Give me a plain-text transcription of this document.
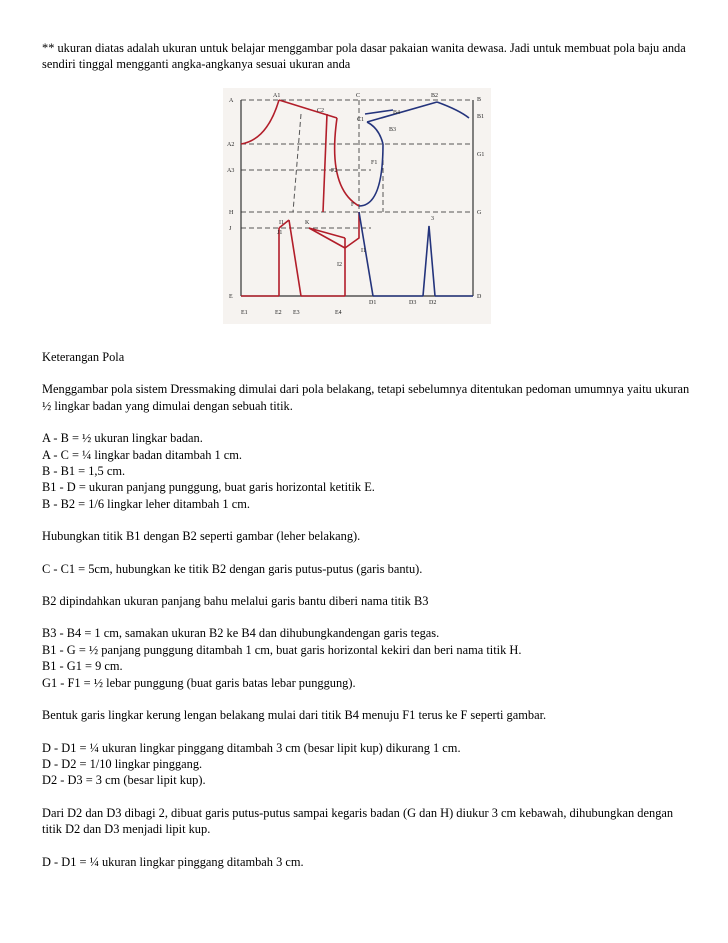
** ukuran diatas adalah ukuran untuk belajar menggambar pola dasar pakaian wanita dewasa. Jadi untuk membuat pola baju anda sendiri tinggal mengganti angka-angkanya sesuai ukuran anda

A
A1
A2
A3
H
J
E
E1	E2 E3	E4
C
C1
C2
B2
B
B1
B3
B4
F1
G1
G
F2
F
D
D1	D2
D3
I1
J1
K
I1
I2
3

Keterangan Pola

Menggambar pola sistem Dressmaking dimulai dari pola belakang, tetapi sebelumnya ditentukan pedoman umumnya yaitu ukuran ½ lingkar badan yang dimulai dengan sebuah titik.

A - B = ½ ukuran lingkar badan.

A - C = ¼ lingkar badan ditambah 1 cm.

B - B1 = 1,5 cm.

B1 - D = ukuran panjang punggung, buat garis horizontal ketitik E.

B - B2 = 1/6 lingkar leher ditambah 1 cm.

Hubungkan titik B1 dengan B2 seperti gambar (leher belakang).

C - C1 = 5cm, hubungkan ke titik B2 dengan garis putus-putus (garis bantu).

B2 dipindahkan ukuran panjang bahu melalui garis bantu diberi nama titik B3

B3 - B4 = 1 cm, samakan ukuran B2 ke B4 dan dihubungkandengan garis tegas.

B1 - G = ½ panjang punggung ditambah 1 cm, buat garis horizontal kekiri dan beri nama titik H.

B1 - G1 = 9 cm.

G1 - F1 = ½ lebar punggung (buat garis batas lebar punggung).

Bentuk garis lingkar kerung lengan belakang mulai dari titik B4 menuju F1 terus ke F seperti gambar.

D - D1 = ¼ ukuran lingkar pinggang ditambah 3 cm (besar lipit kup) dikurang 1 cm.

D - D2 = 1/10 lingkar pinggang.

D2 - D3 = 3 cm (besar lipit kup).

Dari D2 dan D3 dibagi 2, dibuat garis putus-putus sampai kegaris badan (G dan H) diukur 3 cm kebawah, dihubungkan dengan titik D2 dan D3 menjadi lipit kup.

D - D1 = ¼ ukuran lingkar pinggang ditambah 3 cm.
